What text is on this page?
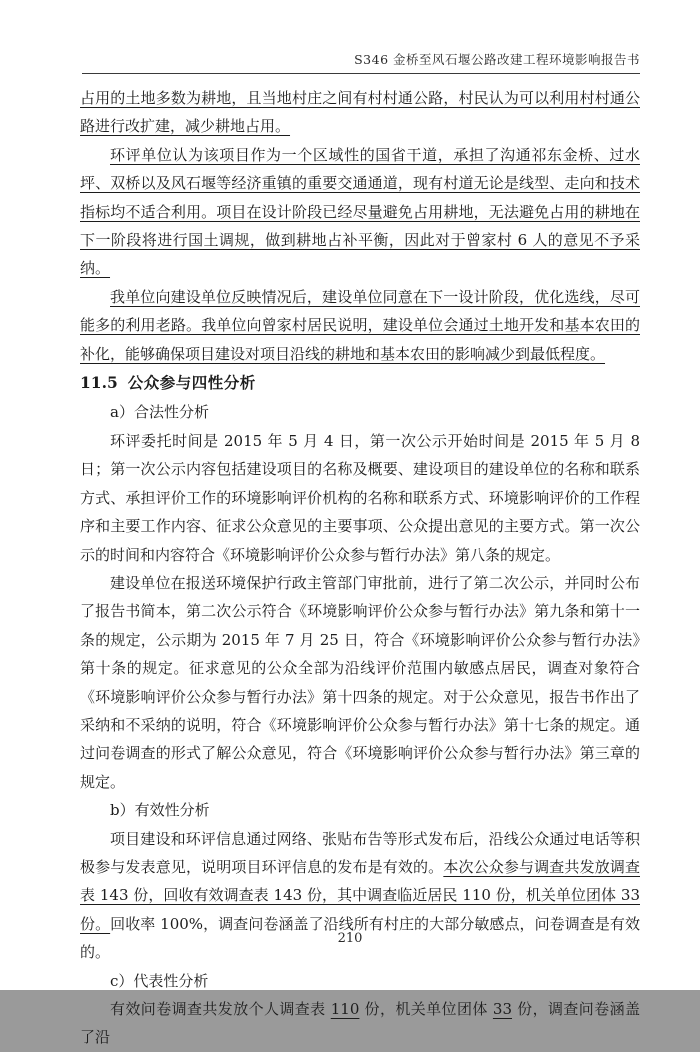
S346 金桥至风石堰公路改建工程环境影响报告书

占用的土地多数为耕地，且当地村庄之间有村村通公路，村民认为可以利用村村通公路进行改扩建，减少耕地占用。

环评单位认为该项目作为一个区域性的国省干道，承担了沟通祁东金桥、过水坪、双桥以及风石堰等经济重镇的重要交通通道，现有村道无论是线型、走向和技术指标均不适合利用。项目在设计阶段已经尽量避免占用耕地，无法避免占用的耕地在下一阶段将进行国土调规，做到耕地占补平衡，因此对于曾家村 6 人的意见不予采纳。

我单位向建设单位反映情况后，建设单位同意在下一设计阶段，优化选线，尽可能多的利用老路。我单位向曾家村居民说明，建设单位会通过土地开发和基本农田的补化，能够确保项目建设对项目沿线的耕地和基本农田的影响减少到最低程度。

11.5 公众参与四性分析

a）合法性分析

环评委托时间是 2015 年 5 月 4 日，第一次公示开始时间是 2015 年 5 月 8 日；第一次公示内容包括建设项目的名称及概要、建设项目的建设单位的名称和联系方式、承担评价工作的环境影响评价机构的名称和联系方式、环境影响评价的工作程序和主要工作内容、征求公众意见的主要事项、公众提出意见的主要方式。第一次公示的时间和内容符合《环境影响评价公众参与暂行办法》第八条的规定。

建设单位在报送环境保护行政主管部门审批前，进行了第二次公示，并同时公布了报告书简本，第二次公示符合《环境影响评价公众参与暂行办法》第九条和第十一条的规定，公示期为 2015 年 7 月 25 日，符合《环境影响评价公众参与暂行办法》第十条的规定。征求意见的公众全部为沿线评价范围内敏感点居民，调查对象符合《环境影响评价公众参与暂行办法》第十四条的规定。对于公众意见，报告书作出了采纳和不采纳的说明，符合《环境影响评价公众参与暂行办法》第十七条的规定。通过问卷调查的形式了解公众意见，符合《环境影响评价公众参与暂行办法》第三章的规定。

b）有效性分析

项目建设和环评信息通过网络、张贴布告等形式发布后，沿线公众通过电话等积极参与发表意见，说明项目环评信息的发布是有效的。本次公众参与调查共发放调查表 143 份，回收有效调查表 143 份，其中调查临近居民 110 份，机关单位团体 33 份。回收率 100%，调查问卷涵盖了沿线所有村庄的大部分敏感点，问卷调查是有效的。

c）代表性分析

有效问卷调查共发放个人调查表 110 份，机关单位团体 33 份，调查问卷涵盖了沿

210
